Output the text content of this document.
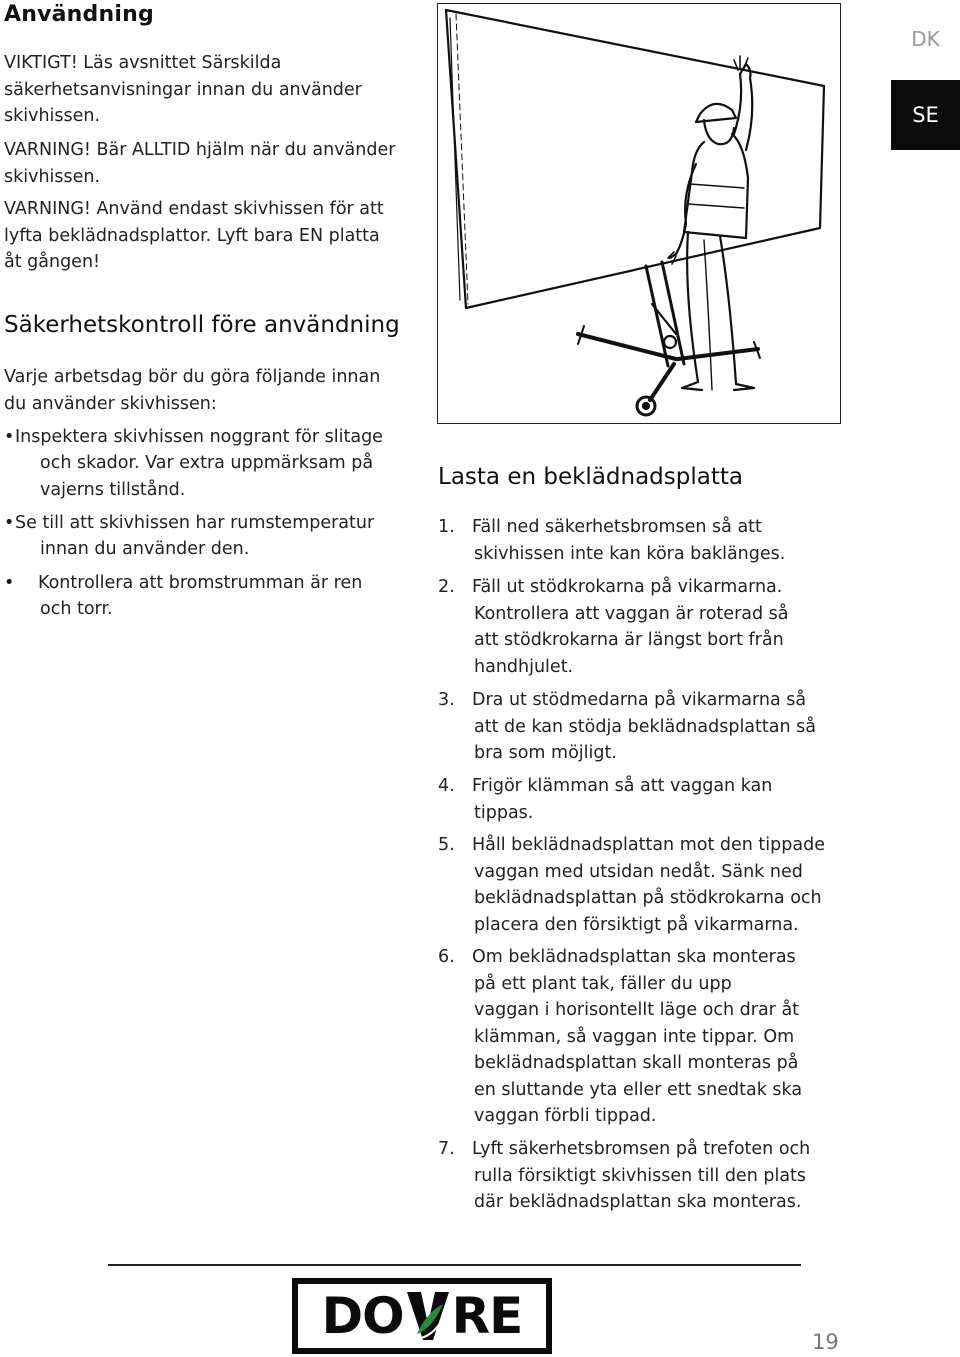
DK
SE
Användning
VIKTIGT! Läs avsnittet Särskilda
säkerhetsanvisningar innan du använder
skivhissen.
VARNING! Bär ALLTID hjälm när du använder
skivhissen.
VARNING! Använd endast skivhissen för att
lyfta beklädnadsplattor. Lyft bara EN platta
åt gången!
Säkerhetskontroll före användning
Varje arbetsdag bör du göra följande innan
du använder skivhissen:
• Inspektera skivhissen noggrant för slitage
och skador. Var extra uppmärksam på
vajerns tillstånd.
• Se till att skivhissen har rumstemperatur
innan du använder den.
• Kontrollera att bromstrumman är ren
och torr.
Lasta en beklädnadsplatta
1. Fäll ned säkerhetsbromsen så att
skivhissen inte kan köra baklänges.
2. Fäll ut stödkrokarna på vikarmarna.
Kontrollera att vaggan är roterad så
att stödkrokarna är längst bort från
handhjulet.
3. Dra ut stödmedarna på vikarmarna så
att de kan stödja beklädnadsplattan så
bra som möjligt.
4. Frigör klämman så att vaggan kan
tippas.
5. Håll beklädnadsplattan mot den tippade
vaggan med utsidan nedåt. Sänk ned
beklädnadsplattan på stödkrokarna och
placera den försiktigt på vikarmarna.
6. Om beklädnadsplattan ska monteras
på ett plant tak, fäller du upp
vaggan i horisontellt läge och drar åt
klämman, så vaggan inte tippar. Om
beklädnadsplattan skall monteras på
en sluttande yta eller ett snedtak ska
vaggan förbli tippad.
7. Lyft säkerhetsbromsen på trefoten och
rulla försiktigt skivhissen till den plats
där beklädnadsplattan ska monteras.
DO RE	19
